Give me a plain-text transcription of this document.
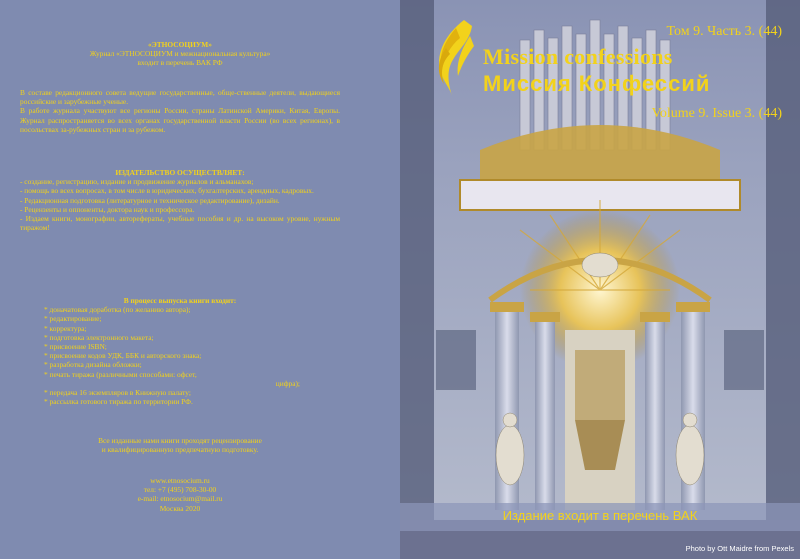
«ЭТНОСОЦИУМ»

Журнал «ЭТНОСОЦИУМ и межнациональная культура»

входит в перечень ВАК РФ

В составе редакционного совета ведущие государственные, обще-ственные деятели, выдающиеся российские и зарубежные ученые.

В работе журнала участвуют все регионы России, страны Латинской Америки, Китая, Европы. Журнал распространяется во всех органах государственной власти России (во всех регионах), в посольствах за-рубежных стран и за рубежом.

ИЗДАТЕЛЬСТВО ОСУЩЕСТВЛЯЕТ:

- создание, регистрацию, издание и продвижение журналов и альманахов;

- помощь во всех вопросах, в том числе в юридических, бухгалтерских, арендных, кадровых.

- Редакционная подготовка (литературное и техническое редактирование), дизайн.

- Рецензенты и оппоненты, доктора наук и профессора.

- Издаем книги, монографии, авторефераты, учебные пособия и др. на высоком уровне, нужным тиражом!

В процесс выпуска книги входит:

* доначатовая доработка (по желанию автора);

* редактирование;

* корректура;

* подготовка электронного макета;

* присвоение ISBN;

* присвоение кодов УДК, ББК и авторского знака;

* разработка дизайна обложки;

* печать тиража (различными способами: офсет,

цифра);

* передача 16 экземпляров в Книжную палату;

* рассылка готового тиража по территории РФ.

Все изданные нами книги проходят рецензирование

и квалифицированную предпечатную подготовку.

www.etnosocium.ru

тел: +7 (495) 708-30-00

e-mail: etnosocium@mail.ru

Москва 2020

Том 9. Часть 3. (44)
Mission confessions
Миссия Конфессий
Volume 9. Issue 3. (44)
Издание входит в перечень ВАК
Photo by Ott Maidre from Pexels
